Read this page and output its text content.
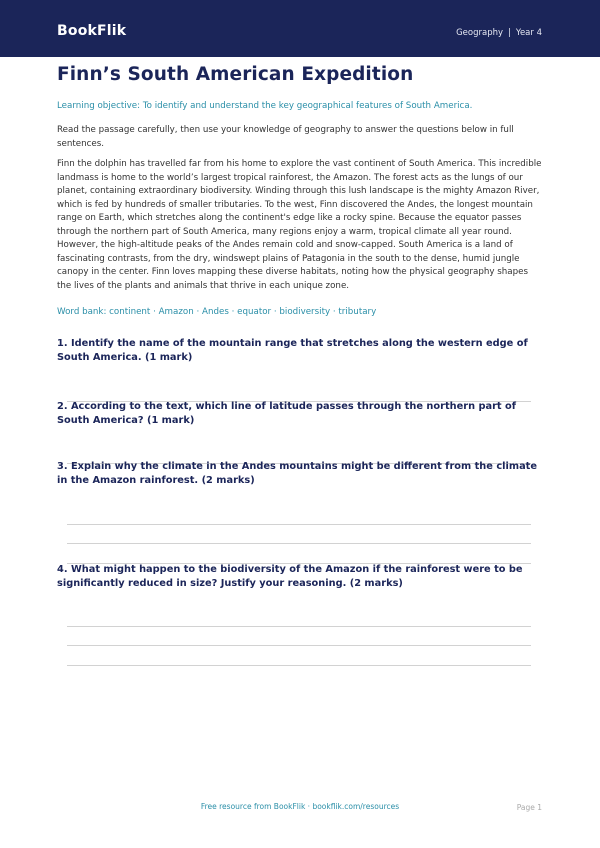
BookFlik	Geography | Year 4
Finn’s South American Expedition

Learning objective: To identify and understand the key geographical features of South America.

Read the passage carefully, then use your knowledge of geography to answer the questions below in full sentences.

Finn the dolphin has travelled far from his home to explore the vast continent of South America. This incredible landmass is home to the world’s largest tropical rainforest, the Amazon. The forest acts as the lungs of our planet, containing extraordinary biodiversity. Winding through this lush landscape is the mighty Amazon River, which is fed by hundreds of smaller tributaries. To the west, Finn discovered the Andes, the longest mountain range on Earth, which stretches along the continent's edge like a rocky spine. Because the equator passes through the northern part of South America, many regions enjoy a warm, tropical climate all year round. However, the high-altitude peaks of the Andes remain cold and snow-capped. South America is a land of fascinating contrasts, from the dry, windswept plains of Patagonia in the south to the dense, humid jungle canopy in the center. Finn loves mapping these diverse habitats, noting how the physical geography shapes the lives of the plants and animals that thrive in each unique zone.

Word bank: continent · Amazon · Andes · equator · biodiversity · tributary

1. Identify the name of the mountain range that stretches along the western edge of South America. (1 mark)

2. According to the text, which line of latitude passes through the northern part of South America? (1 mark)

3. Explain why the climate in the Andes mountains might be different from the climate in the Amazon rainforest. (2 marks)

4. What might happen to the biodiversity of the Amazon if the rainforest were to be significantly reduced in size? Justify your reasoning. (2 marks)

Free resource from BookFlik · bookflik.com/resources	Page 1
